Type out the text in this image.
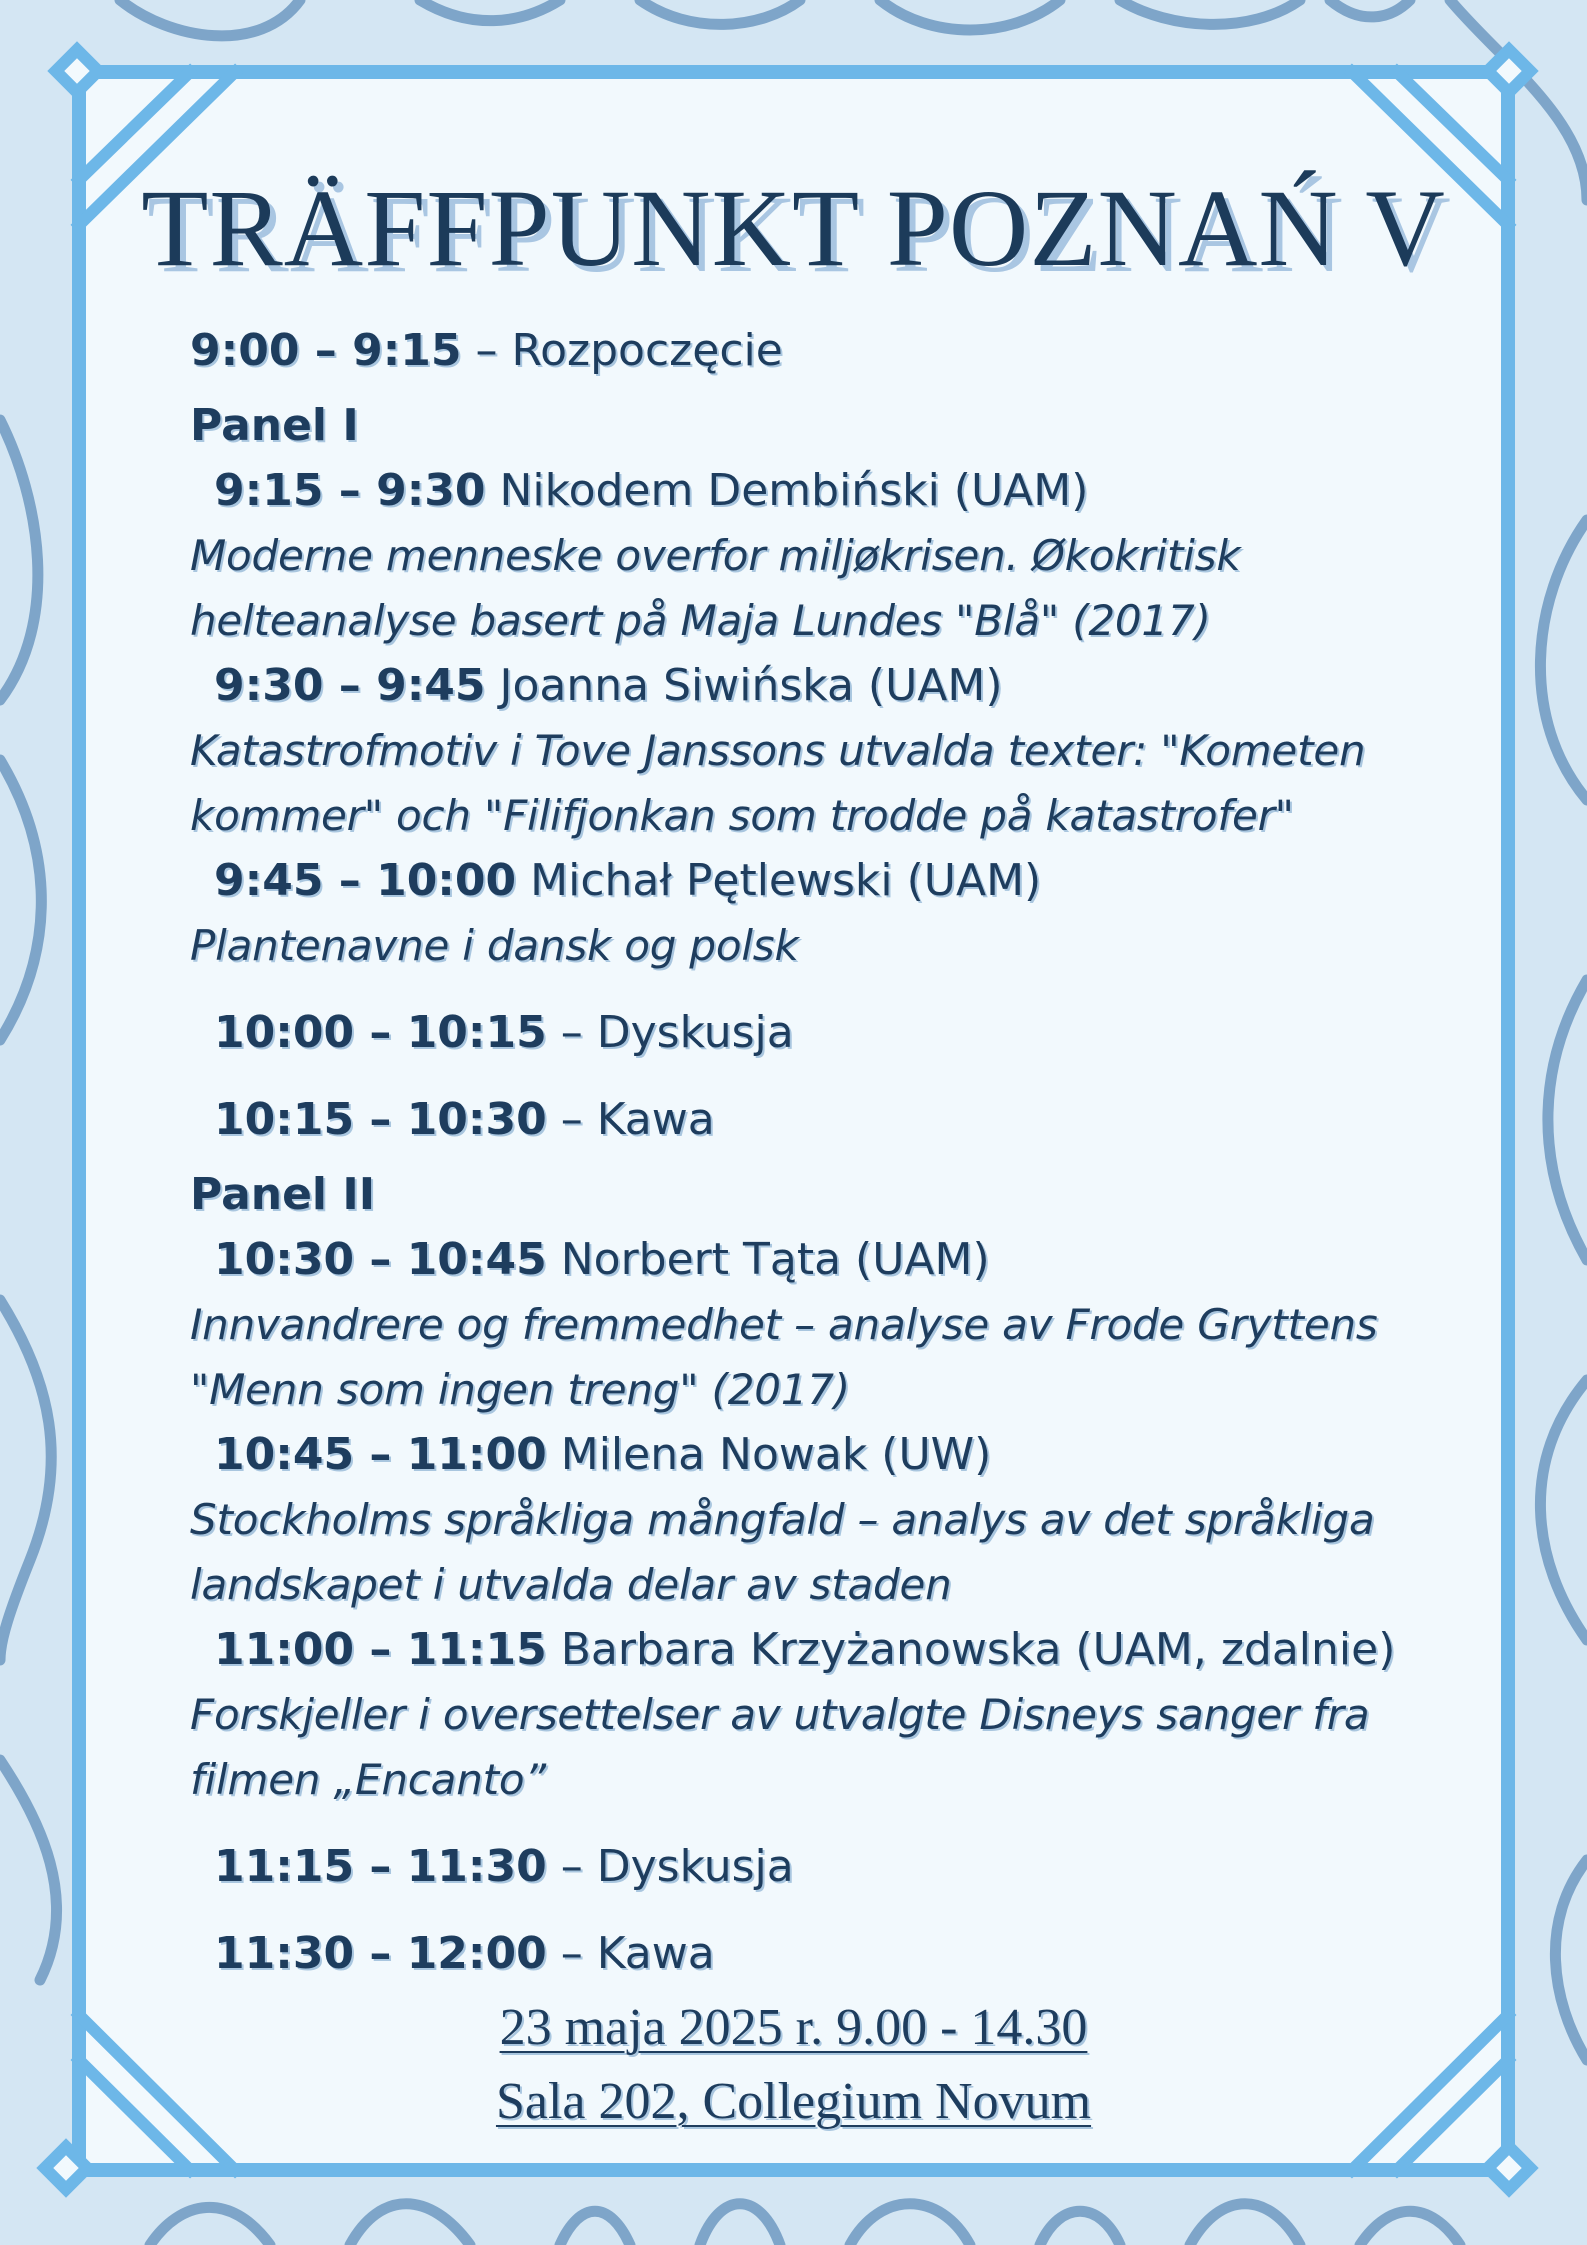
TRÄFFPUNKT POZNAŃ V
9:00 – 9:15 – Rozpoczęcie
Panel I
9:15 – 9:30 Nikodem Dembiński (UAM)
Moderne menneske overfor miljøkrisen. Økokritisk
helteanalyse basert på Maja Lundes "Blå" (2017)
9:30 – 9:45 Joanna Siwińska (UAM)
Katastrofmotiv i Tove Janssons utvalda texter: "Kometen
kommer" och "Filifjonkan som trodde på katastrofer"
9:45 – 10:00 Michał Pętlewski (UAM)
Plantenavne i dansk og polsk
10:00 – 10:15 – Dyskusja
10:15 – 10:30 – Kawa
Panel II
10:30 – 10:45 Norbert Tąta (UAM)
Innvandrere og fremmedhet – analyse av Frode Gryttens
"Menn som ingen treng" (2017)
10:45 – 11:00 Milena Nowak (UW)
Stockholms språkliga mångfald – analys av det språkliga
landskapet i utvalda delar av staden
11:00 – 11:15 Barbara Krzyżanowska (UAM, zdalnie)
Forskjeller i oversettelser av utvalgte Disneys sanger fra
filmen „Encanto”
11:15 – 11:30 – Dyskusja
11:30 – 12:00 – Kawa
23 maja 2025 r. 9.00 - 14.30
Sala 202, Collegium Novum
